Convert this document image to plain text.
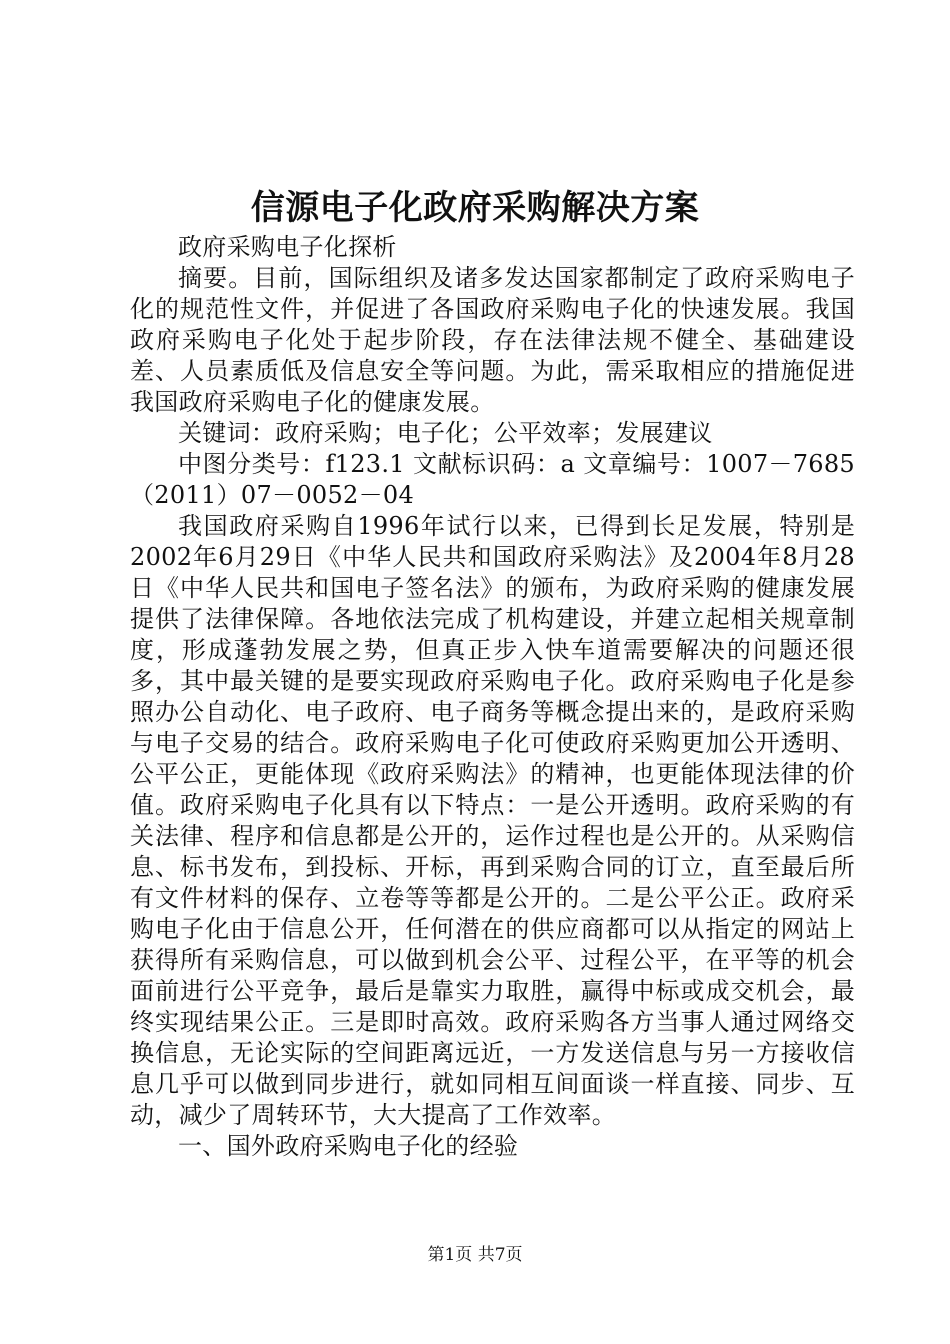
信源电子化政府采购解决方案

政府采购电子化探析

摘要。目前，国际组织及诸多发达国家都制定了政府采购电子化的规范性文件，并促进了各国政府采购电子化的快速发展。我国政府采购电子化处于起步阶段，存在法律法规不健全、基础建设差、人员素质低及信息安全等问题。为此，需采取相应的措施促进我国政府采购电子化的健康发展。

关键词：政府采购；电子化；公平效率；发展建议

中图分类号：f123.1 文献标识码：a 文章编号：1007－7685（2011）07－0052－04

我国政府采购自1996年试行以来，已得到长足发展，特别是2002年6月29日《中华人民共和国政府采购法》及2004年8月28日《中华人民共和国电子签名法》的颁布，为政府采购的健康发展提供了法律保障。各地依法完成了机构建设，并建立起相关规章制度，形成蓬勃发展之势，但真正步入快车道需要解决的问题还很多，其中最关键的是要实现政府采购电子化。政府采购电子化是参照办公自动化、电子政府、电子商务等概念提出来的，是政府采购与电子交易的结合。政府采购电子化可使政府采购更加公开透明、公平公正，更能体现《政府采购法》的精神，也更能体现法律的价值。政府采购电子化具有以下特点：一是公开透明。政府采购的有关法律、程序和信息都是公开的，运作过程也是公开的。从采购信息、标书发布，到投标、开标，再到采购合同的订立，直至最后所有文件材料的保存、立卷等等都是公开的。二是公平公正。政府采购电子化由于信息公开，任何潜在的供应商都可以从指定的网站上获得所有采购信息，可以做到机会公平、过程公平，在平等的机会面前进行公平竞争，最后是靠实力取胜，赢得中标或成交机会，最终实现结果公正。三是即时高效。政府采购各方当事人通过网络交换信息，无论实际的空间距离远近，一方发送信息与另一方接收信息几乎可以做到同步进行，就如同相互间面谈一样直接、同步、互动，减少了周转环节，大大提高了工作效率。

一、国外政府采购电子化的经验

第1页 共7页
